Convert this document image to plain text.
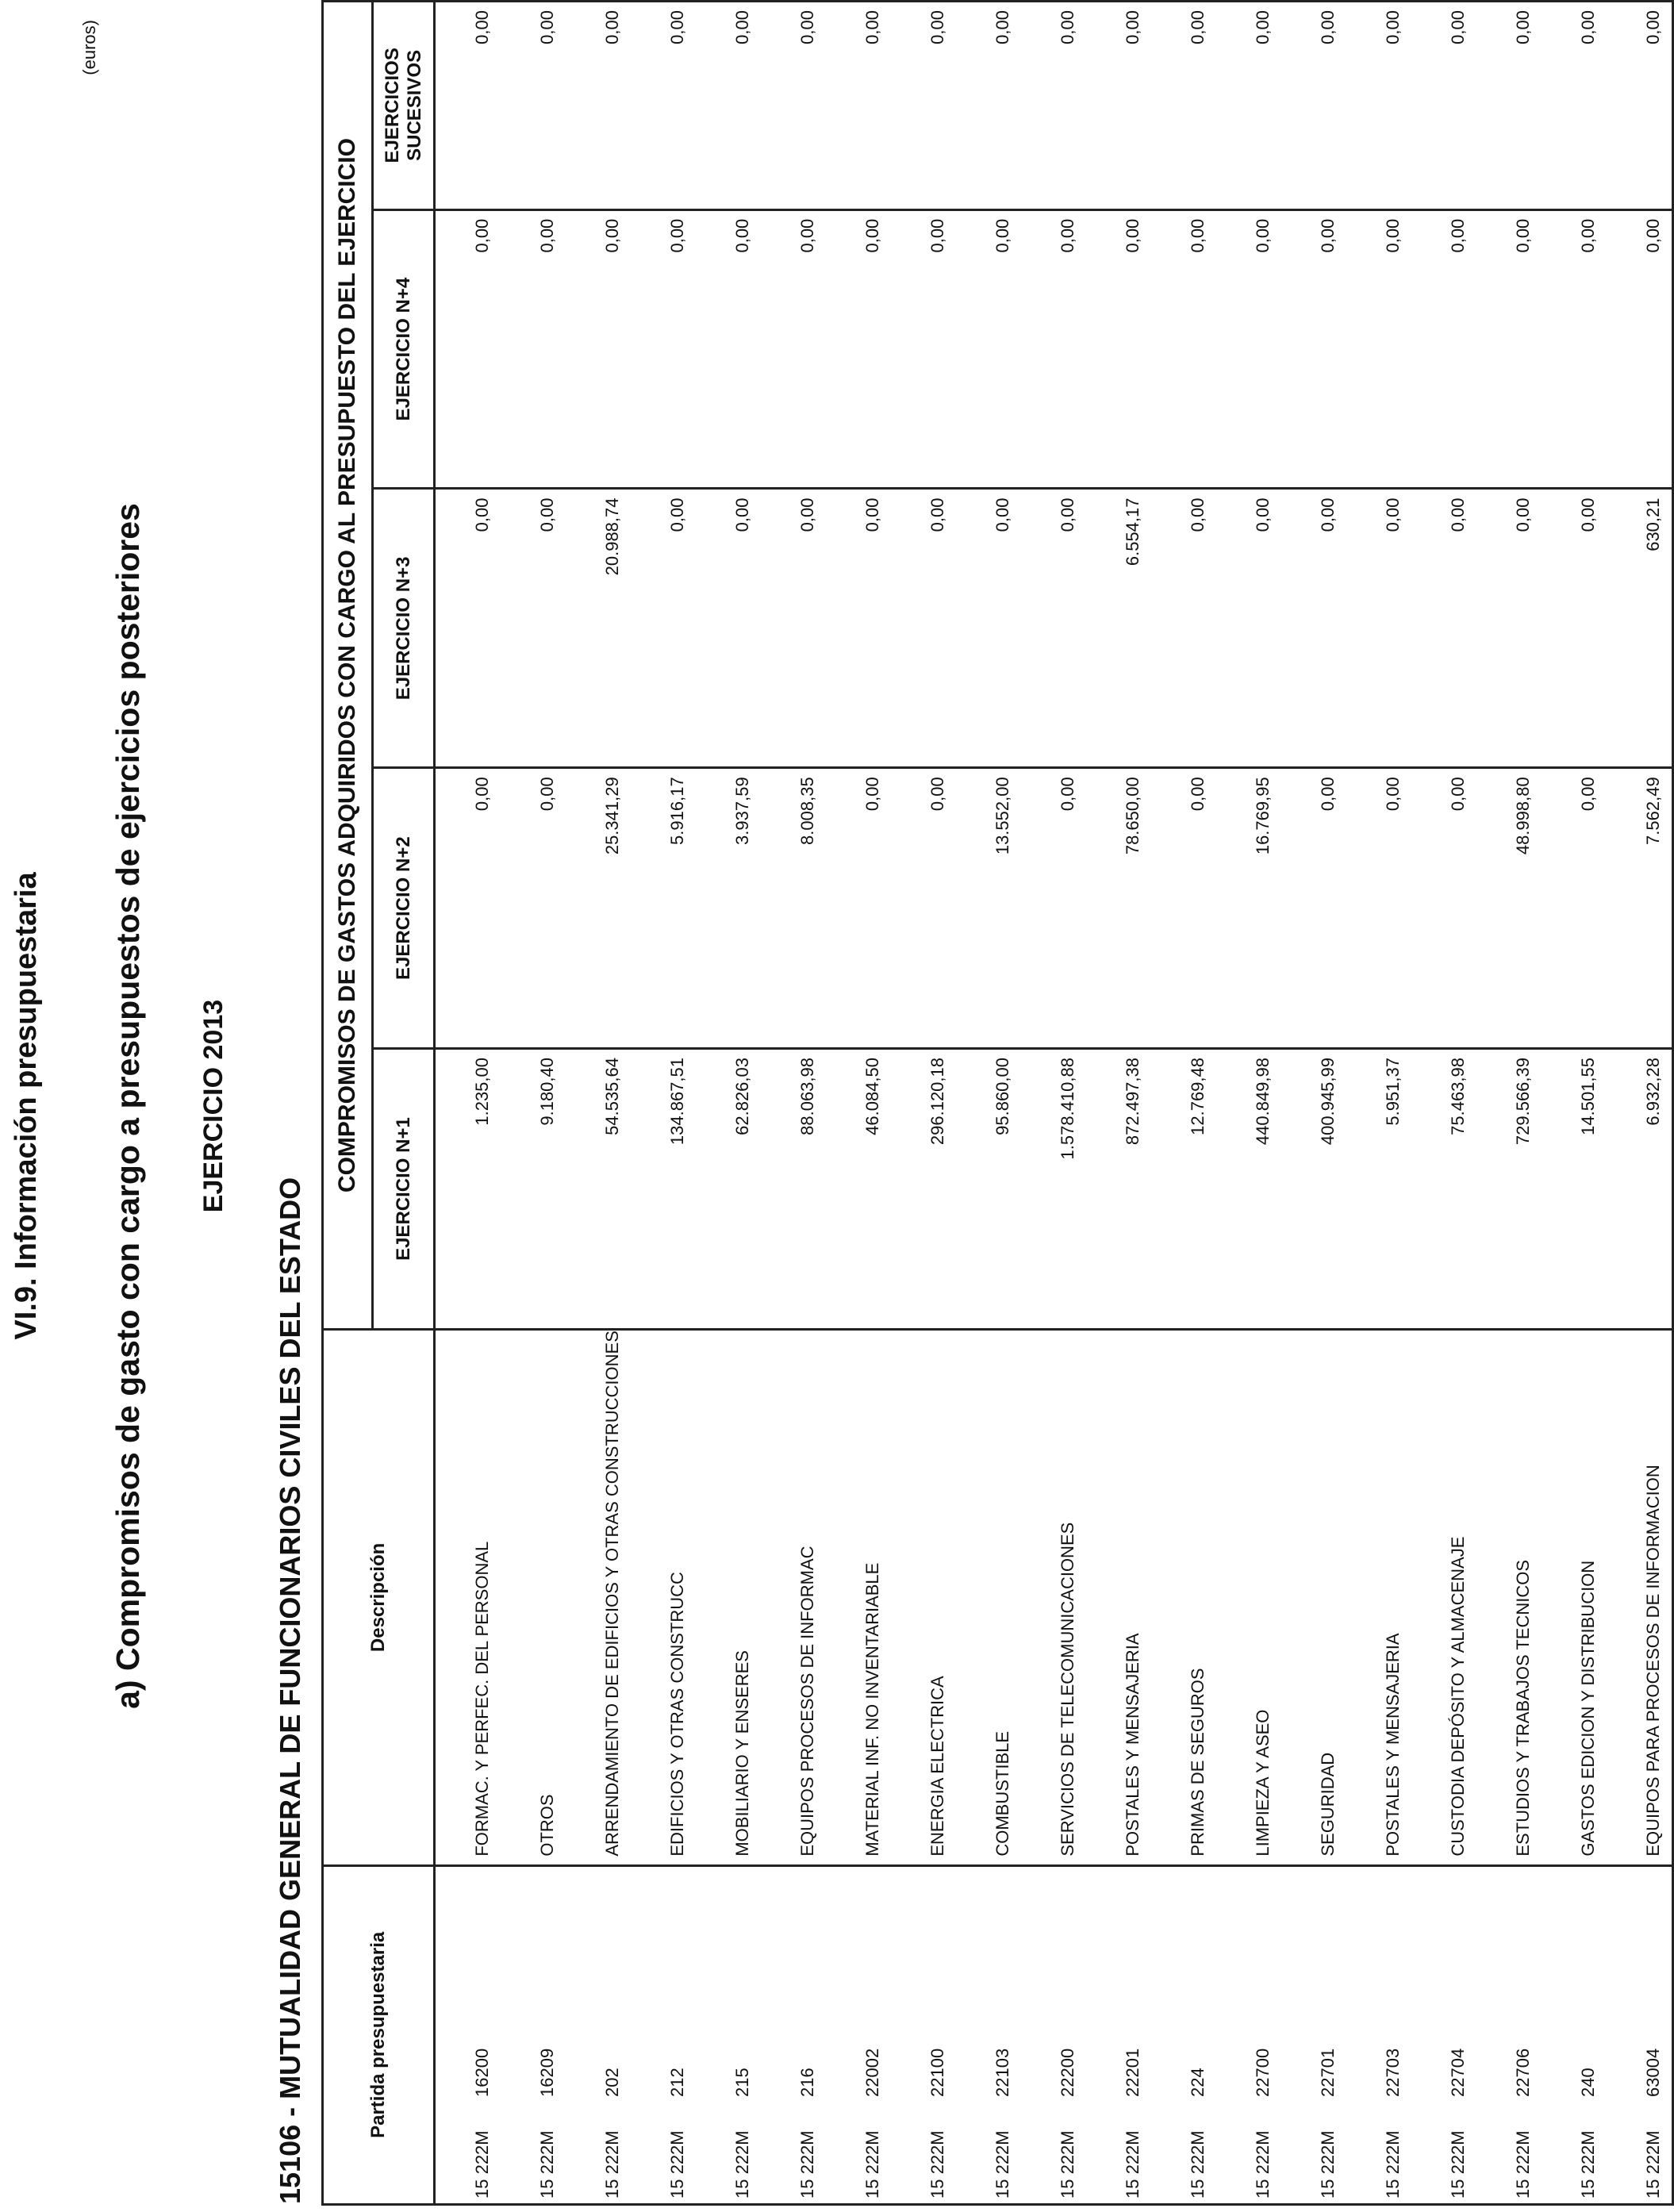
VI.9. Información presupuestaria a) Compromisos de gasto con cargo a presupuestos de ejercicios posteriores EJERCICIO 2013
15106 - MUTUALIDAD GENERAL DE FUNCIONARIOS CIVILES DEL ESTADO
(euros)
Partida presupuestaria	Descripción	COMPROMISOS DE GASTOS ADQUIRIDOS CON CARGO AL PRESUPUESTO DEL EJERCICIO				
		EJERCICIO N+1	EJERCICIO N+2	EJERCICIO N+3	EJERCICIO N+4	EJERCICIOS SUCESIVOS
15 222M16200	FORMAC. Y PERFEC. DEL PERSONAL	1.235,00	0,00	0,00	0,00	0,00
15 222M16209	OTROS	9.180,40	0,00	0,00	0,00	0,00
15 222M202	ARRENDAMIENTO DE EDIFICIOS Y OTRAS CONSTRUCCIONES	54.535,64	25.341,29	20.988,74	0,00	0,00
15 222M212	EDIFICIOS Y OTRAS CONSTRUCC	134.867,51	5.916,17	0,00	0,00	0,00
15 222M215	MOBILIARIO Y ENSERES	62.826,03	3.937,59	0,00	0,00	0,00
15 222M216	EQUIPOS PROCESOS DE INFORMAC	88.063,98	8.008,35	0,00	0,00	0,00
15 222M22002	MATERIAL INF. NO INVENTARIABLE	46.084,50	0,00	0,00	0,00	0,00
15 222M22100	ENERGIA ELECTRICA	296.120,18	0,00	0,00	0,00	0,00
15 222M22103	COMBUSTIBLE	95.860,00	13.552,00	0,00	0,00	0,00
15 222M22200	SERVICIOS DE TELECOMUNICACIONES	1.578.410,88	0,00	0,00	0,00	0,00
15 222M22201	POSTALES Y MENSAJERIA	872.497,38	78.650,00	6.554,17	0,00	0,00
15 222M224	PRIMAS DE SEGUROS	12.769,48	0,00	0,00	0,00	0,00
15 222M22700	LIMPIEZA Y ASEO	440.849,98	16.769,95	0,00	0,00	0,00
15 222M22701	SEGURIDAD	400.945,99	0,00	0,00	0,00	0,00
15 222M22703	POSTALES Y MENSAJERIA	5.951,37	0,00	0,00	0,00	0,00
15 222M22704	CUSTODIA DEPÓSITO Y ALMACENAJE	75.463,98	0,00	0,00	0,00	0,00
15 222M22706	ESTUDIOS Y TRABAJOS TECNICOS	729.566,39	48.998,80	0,00	0,00	0,00
15 222M240	GASTOS EDICION Y DISTRIBUCION	14.501,55	0,00	0,00	0,00	0,00
15 222M63004	EQUIPOS PARA PROCESOS DE INFORMACION	6.932,28	7.562,49	630,21	0,00	0,00
